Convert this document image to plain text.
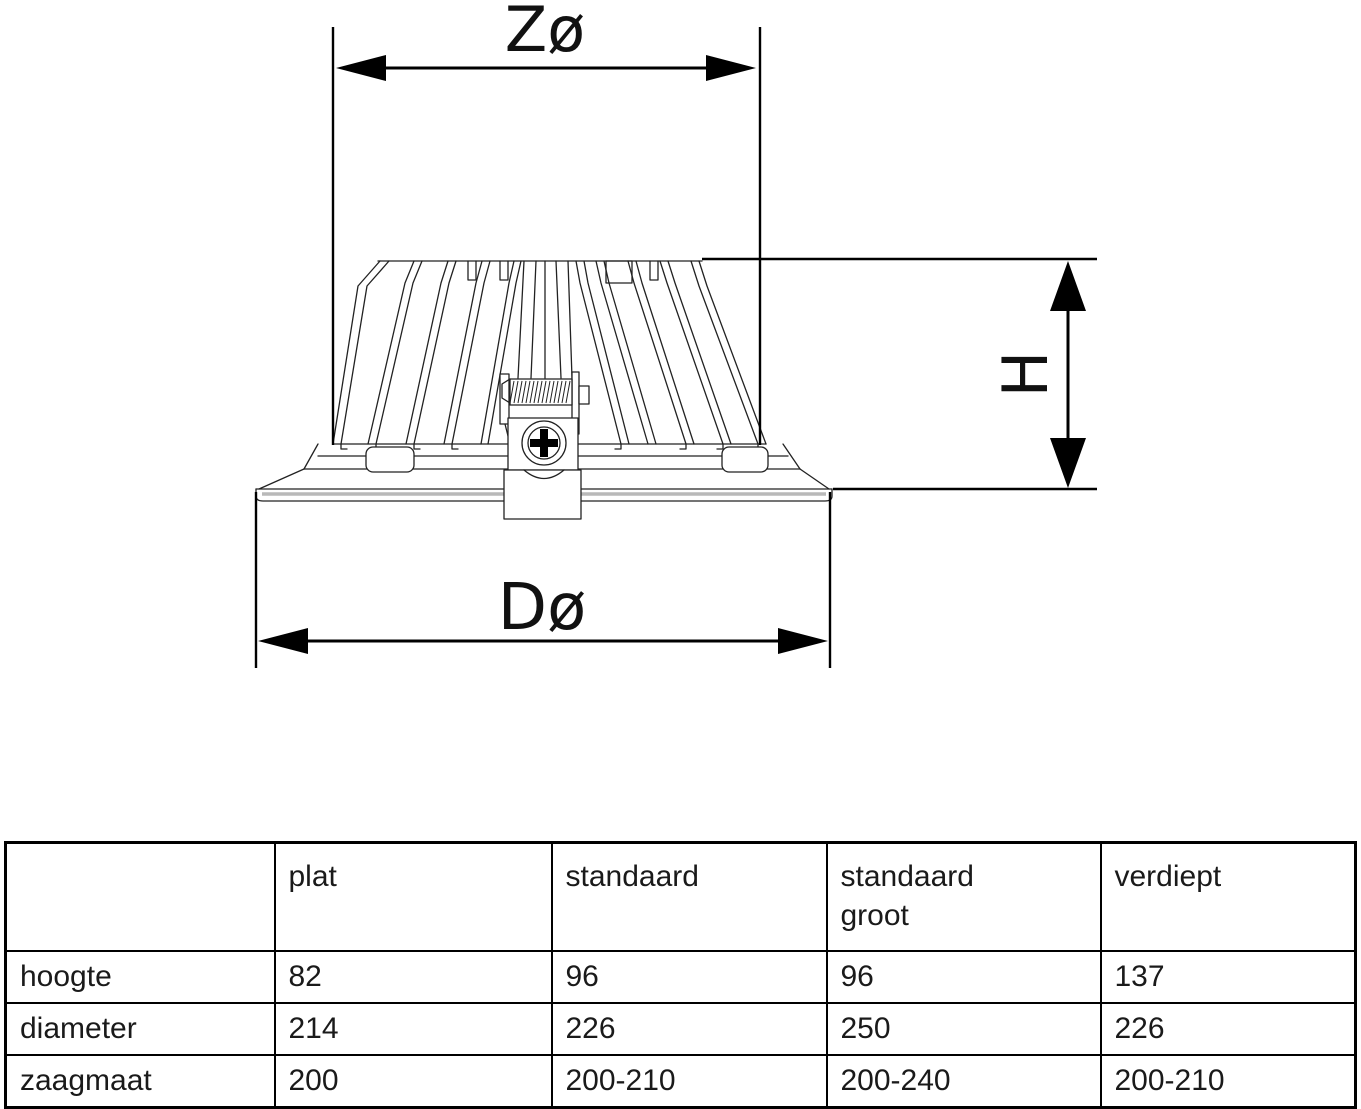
Zø
H
Dø
	plat	standaard	standaard groot	verdiept
hoogte	82	96	96	137
diameter	214	226	250	226
zaagmaat	200	200-210	200-240	200-210
